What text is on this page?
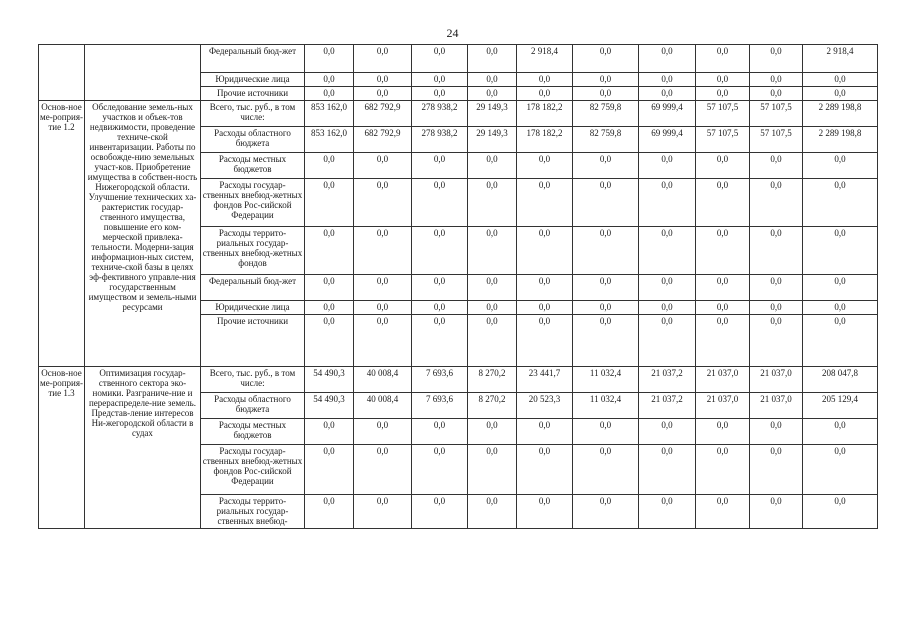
24
		Федеральный бюд-жет	0,0	0,0	0,0	0,0	2 918,4	0,0	0,0	0,0	0,0	2 918,4
		Юридические лица	0,0	0,0	0,0	0,0	0,0	0,0	0,0	0,0	0,0	0,0
		Прочие источники	0,0	0,0	0,0	0,0	0,0	0,0	0,0	0,0	0,0	0,0
Основ-ное ме-роприя-тие 1.2	Обследование земель-ных участков и объек-тов недвижимости, проведение техниче-ской инвентаризации. Работы по освобожде-нию земельных участ-ков. Приобретение имущества в собствен-ность Нижегородской области. Улучшение технических ха-рактеристик государ-ственного имущества, повышение его ком-мерческой привлека-тельности. Модерни-зация информацион-ных систем, техниче-ской базы в целях эф-фективного управле-ния государственным имуществом и земель-ными ресурсами	Всего, тыс. руб., в том числе:	853 162,0	682 792,9	278 938,2	29 149,3	178 182,2	82 759,8	69 999,4	57 107,5	57 107,5	2 289 198,8
		Расходы областного бюджета	853 162,0	682 792,9	278 938,2	29 149,3	178 182,2	82 759,8	69 999,4	57 107,5	57 107,5	2 289 198,8
		Расходы местных бюджетов	0,0	0,0	0,0	0,0	0,0	0,0	0,0	0,0	0,0	0,0
		Расходы государ-ственных внебюд-жетных фондов Рос-сийской Федерации	0,0	0,0	0,0	0,0	0,0	0,0	0,0	0,0	0,0	0,0
		Расходы террито-риальных государ-ственных внебюд-жетных фондов	0,0	0,0	0,0	0,0	0,0	0,0	0,0	0,0	0,0	0,0
		Федеральный бюд-жет	0,0	0,0	0,0	0,0	0,0	0,0	0,0	0,0	0,0	0,0
		Юридические лица	0,0	0,0	0,0	0,0	0,0	0,0	0,0	0,0	0,0	0,0
		Прочие источники	0,0	0,0	0,0	0,0	0,0	0,0	0,0	0,0	0,0	0,0
Основ-ное ме-роприя-тие 1.3	Оптимизация государ-ственного сектора эко-номики. Разграниче-ние и перераспределе-ние земель. Представ-ление интересов Ни-жегородской области в судах	Всего, тыс. руб., в том числе:	54 490,3	40 008,4	7 693,6	8 270,2	23 441,7	11 032,4	21 037,2	21 037,0	21 037,0	208 047,8
		Расходы областного бюджета	54 490,3	40 008,4	7 693,6	8 270,2	20 523,3	11 032,4	21 037,2	21 037,0	21 037,0	205 129,4
		Расходы местных бюджетов	0,0	0,0	0,0	0,0	0,0	0,0	0,0	0,0	0,0	0,0
		Расходы государ-ственных внебюд-жетных фондов Рос-сийской Федерации	0,0	0,0	0,0	0,0	0,0	0,0	0,0	0,0	0,0	0,0
		Расходы террито-риальных государ-ственных внебюд-	0,0	0,0	0,0	0,0	0,0	0,0	0,0	0,0	0,0	0,0
